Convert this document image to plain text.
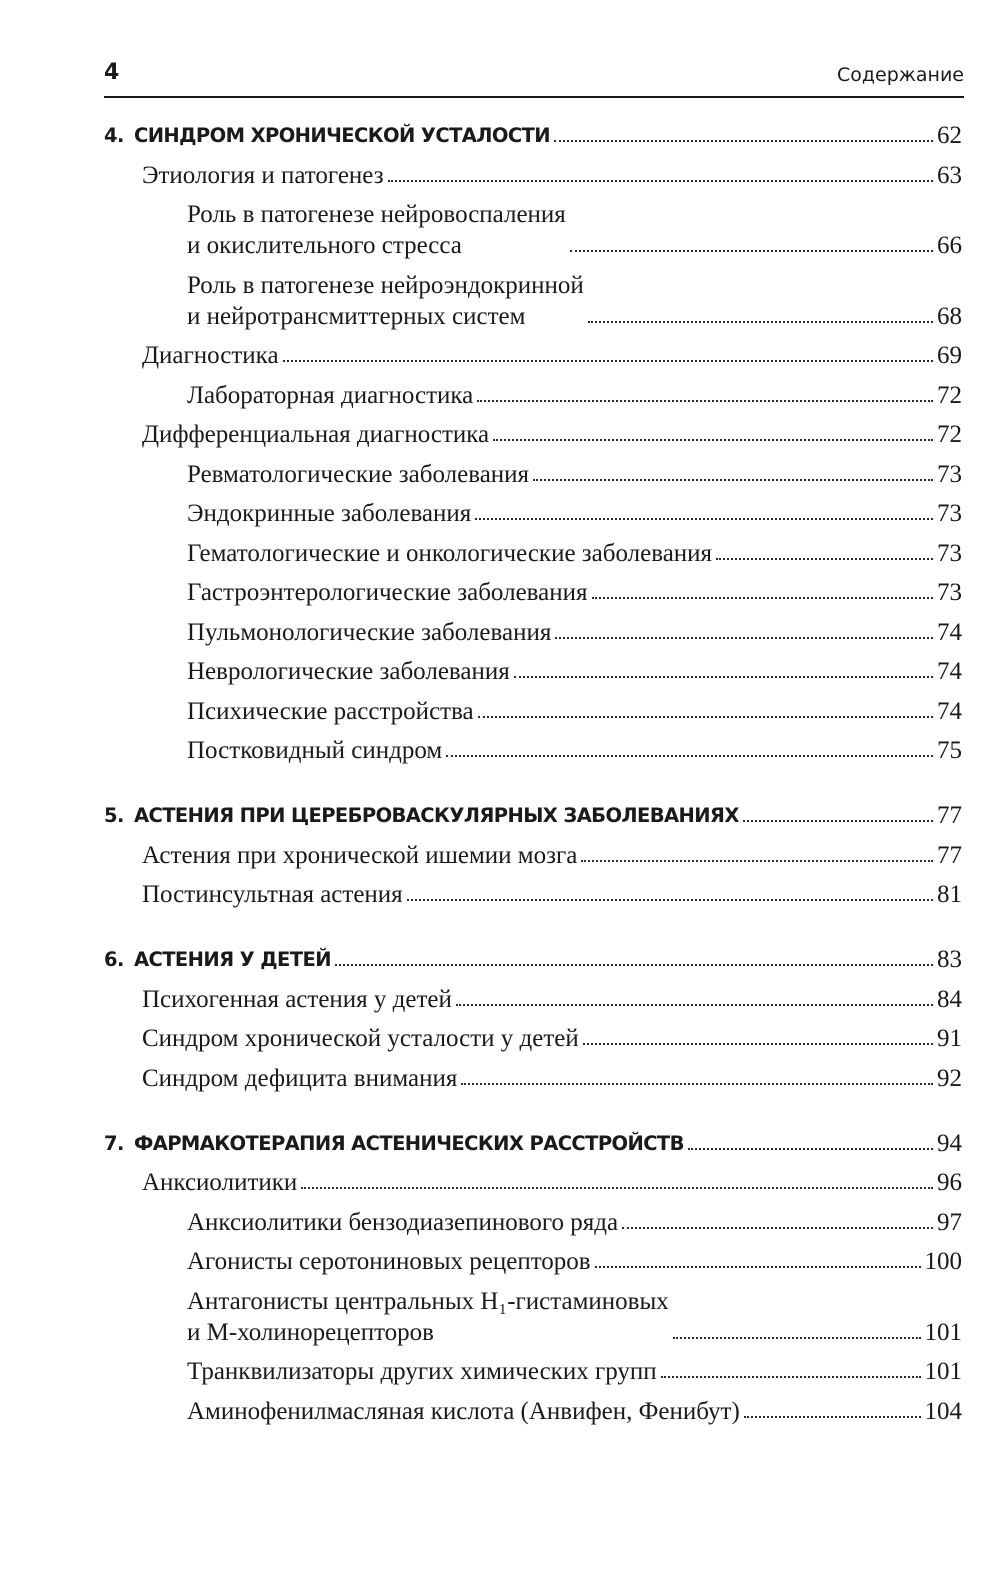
4	Содержание
4. СИНДРОМ ХРОНИЧЕСКОЙ УСТАЛОСТИ	62
Этиология и патогенез	63
Роль в патогенезе нейровоспаления
и окислительного стресса	66
Роль в патогенезе нейроэндокринной
и нейротрансмиттерных систем	68
Диагностика	69
Лабораторная диагностика	72
Дифференциальная диагностика	72
Ревматологические заболевания	73
Эндокринные заболевания	73
Гематологические и онкологические заболевания	73
Гастроэнтерологические заболевания	73
Пульмонологические заболевания	74
Неврологические заболевания	74
Психические расстройства	74
Постковидный синдром	75
5. АСТЕНИЯ ПРИ ЦЕРЕБРОВАСКУЛЯРНЫХ ЗАБОЛЕВАНИЯХ	77
Астения при хронической ишемии мозга	77
Постинсультная астения	81
6. АСТЕНИЯ У ДЕТЕЙ	83
Психогенная астения у детей	84
Синдром хронической усталости у детей	91
Синдром дефицита внимания	92
7. ФАРМАКОТЕРАПИЯ АСТЕНИЧЕСКИХ РАССТРОЙСТВ	94
Анксиолитики	96
Анксиолитики бензодиазепинового ряда	97
Агонисты серотониновых рецепторов	100
Антагонисты центральных H₁-гистаминовых
и М-холинорецепторов	101
Транквилизаторы других химических групп	101
Аминофенилмасляная кислота (Анвифен, Фенибут)	104
